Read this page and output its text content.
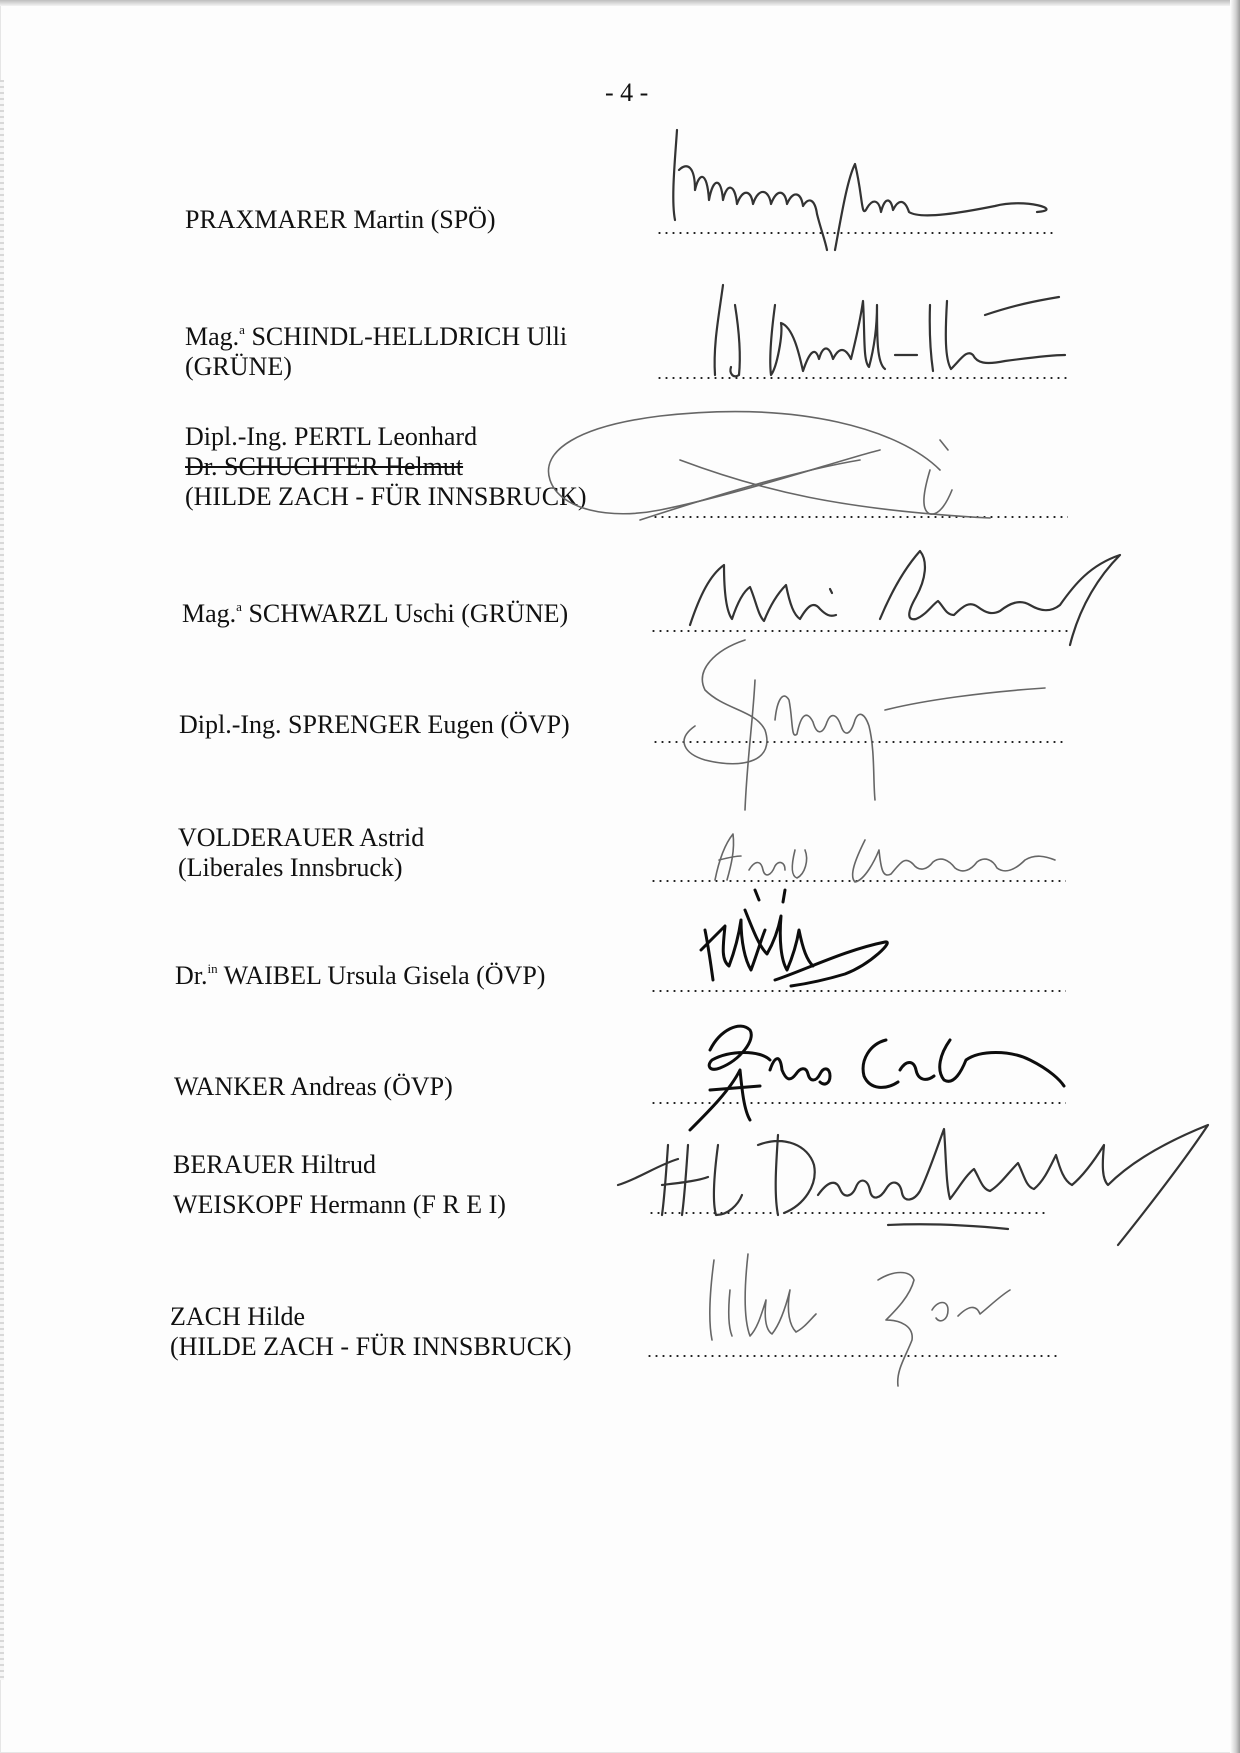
- 4 -
PRAXMARER Martin (SPÖ)
Mag.$^a$ SCHINDL-HELLDRICH Ulli
(GRÜNE)
Dipl.-Ing. PERTL Leonhard
Dr. SCHUCHTER Helmut
(HILDE ZACH - FÜR INNSBRUCK)
Mag.$^a$ SCHWARZL Uschi (GRÜNE)
Dipl.-Ing. SPRENGER Eugen (ÖVP)
VOLDERAUER Astrid
(Liberales Innsbruck)
Dr.$^{in}$ WAIBEL Ursula Gisela (ÖVP)
WANKER Andreas (ÖVP)
BERAUER Hiltrud
WEISKOPF Hermann (F R E I)
ZACH Hilde
(HILDE ZACH - FÜR INNSBRUCK)
